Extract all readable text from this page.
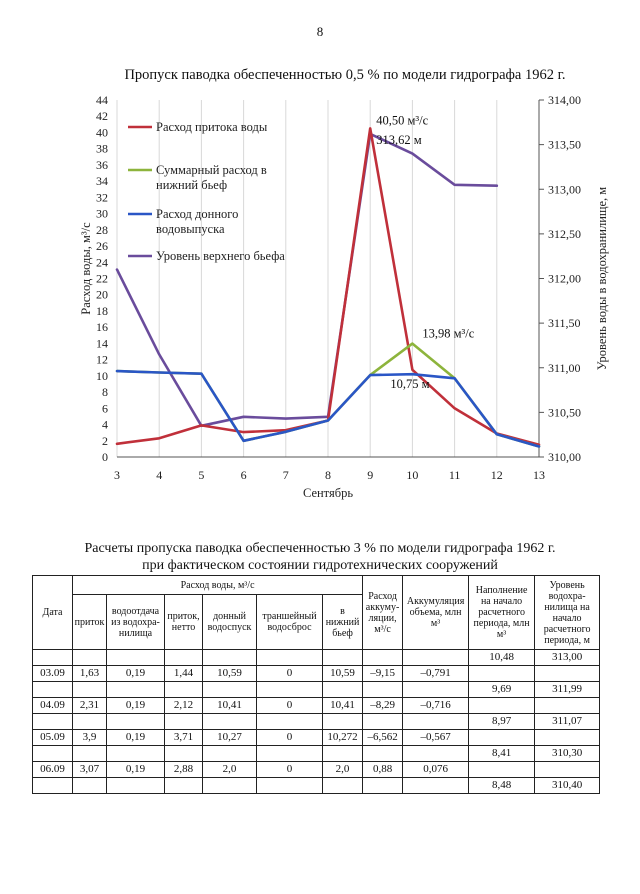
8
Пропуск паводка обеспеченностью 0,5 % по модели гидрографа 1962 г.
3	4	5	6	7	8	9	10	11	12	13
0
2
4
6
8
10
12
14
16
18
20
22
24
26
28
30
32
34
36
38
40
42
44
310,00
310,50
311,00
311,50
312,00
312,50
313,00
313,50
314,00
Сентябрь
Расход воды, м³/с	Уровень воды в водохранилище, м
40,50 м³/с
313,62 м
13,98 м³/с
10,75 м
Расход притока воды
Суммарный расход в
нижний бьеф
Расход донного
водовыпуска
Уровень верхнего бьефа
Расчеты пропуска паводка обеспеченностью 3 % по модели гидрографа 1962 г.
при фактическом состоянии гидротехнических сооружений
Дата	Расход воды, м³/с						Расход аккуму-ляции, м³/с	Аккумуляция объема, млн м³	Наполнение на начало расчетного периода, млн м³	Уровень водохра-нилища на начало расчетного периода, м
	приток	водоотдача из водохра-нилища	приток, нетто	донный водоспуск	траншейный водосброс	в нижний бьеф				
									10,48	313,00
03.09	1,63	0,19	1,44	10,59	0	10,59	–9,15	–0,791		
									9,69	311,99
04.09	2,31	0,19	2,12	10,41	0	10,41	–8,29	–0,716		
									8,97	311,07
05.09	3,9	0,19	3,71	10,27	0	10,272	–6,562	–0,567		
									8,41	310,30
06.09	3,07	0,19	2,88	2,0	0	2,0	0,88	0,076		
									8,48	310,40
